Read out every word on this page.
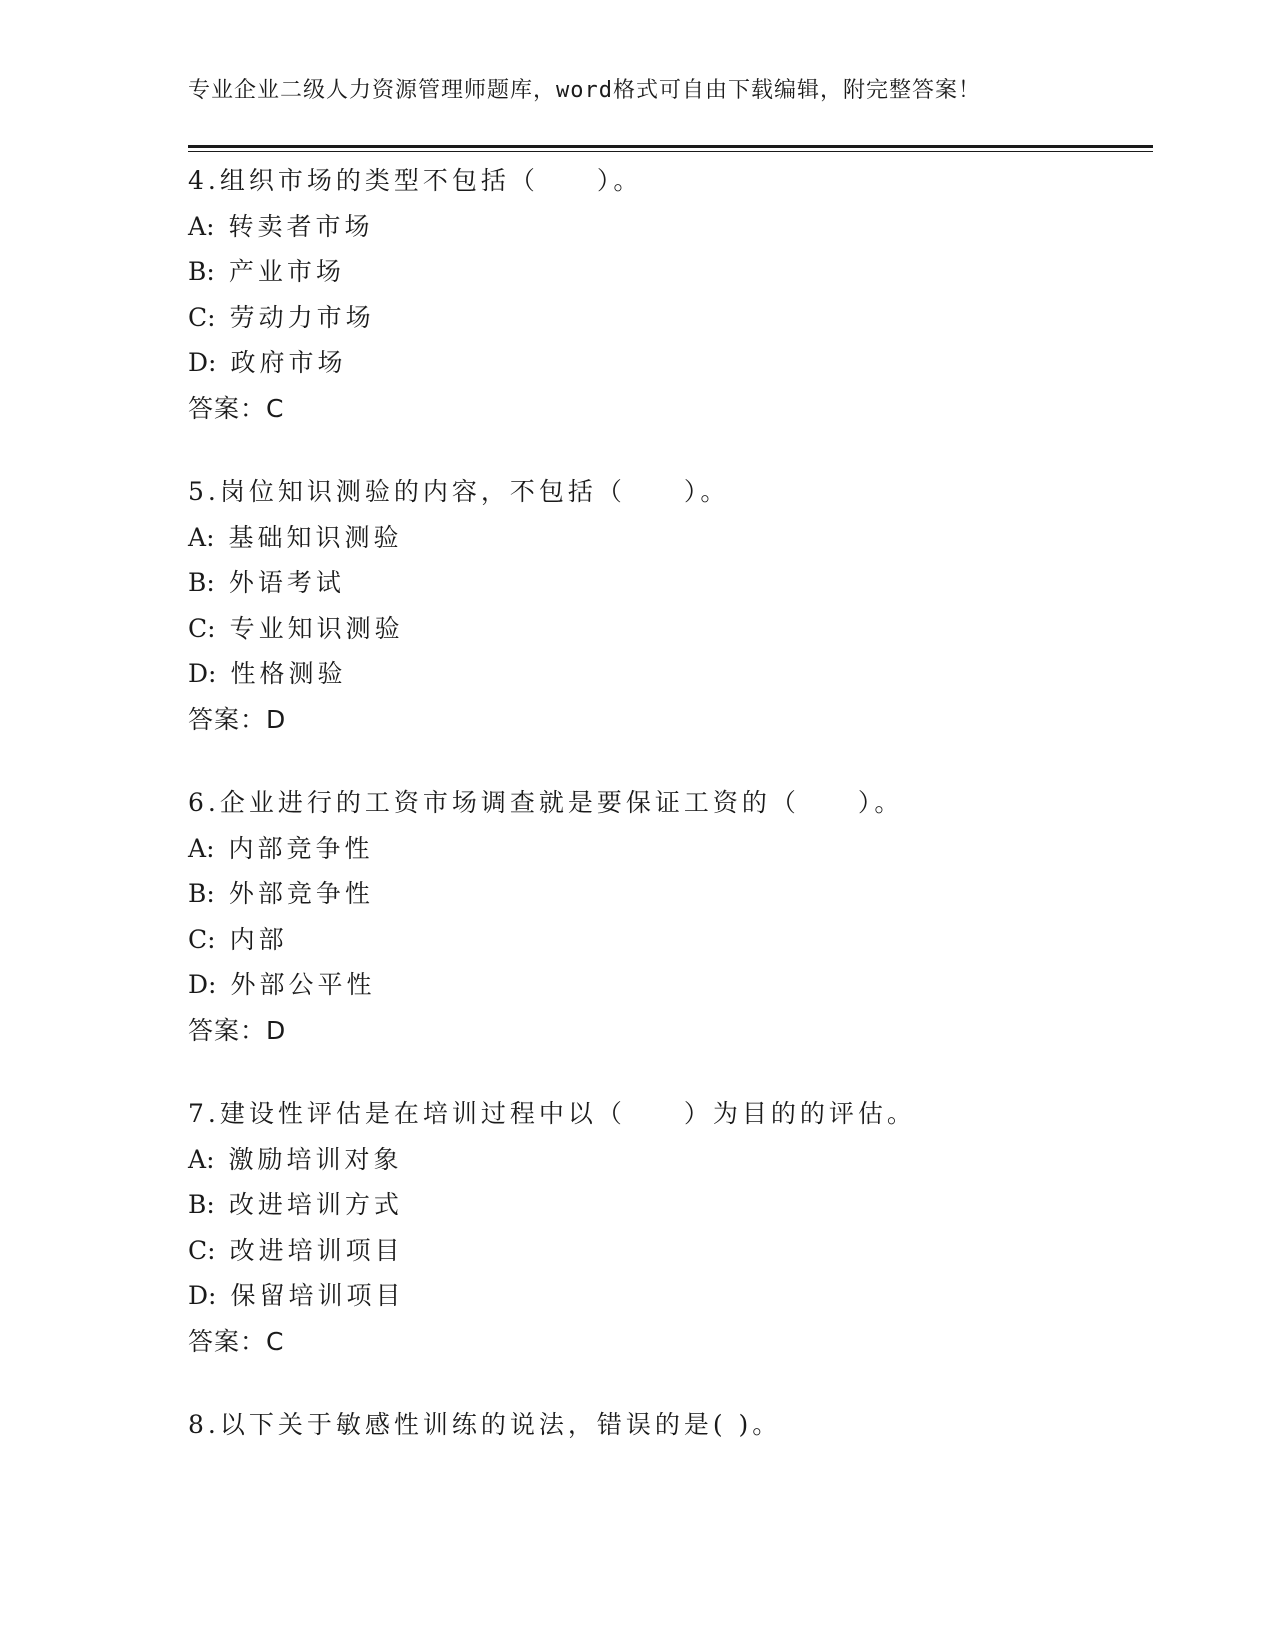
专业企业二级人力资源管理师题库，word格式可自由下载编辑，附完整答案！
4.组织市场的类型不包括（　　）。
A: 转卖者市场
B: 产业市场
C: 劳动力市场
D: 政府市场
答案：C
5.岗位知识测验的内容，不包括（　　）。
A: 基础知识测验
B: 外语考试
C: 专业知识测验
D: 性格测验
答案：D
6.企业进行的工资市场调查就是要保证工资的（　　）。
A: 内部竞争性
B: 外部竞争性
C: 内部
D: 外部公平性
答案：D
7.建设性评估是在培训过程中以（　　）为目的的评估。
A: 激励培训对象
B: 改进培训方式
C: 改进培训项目
D: 保留培训项目
答案：C
8.以下关于敏感性训练的说法，错误的是( )。
